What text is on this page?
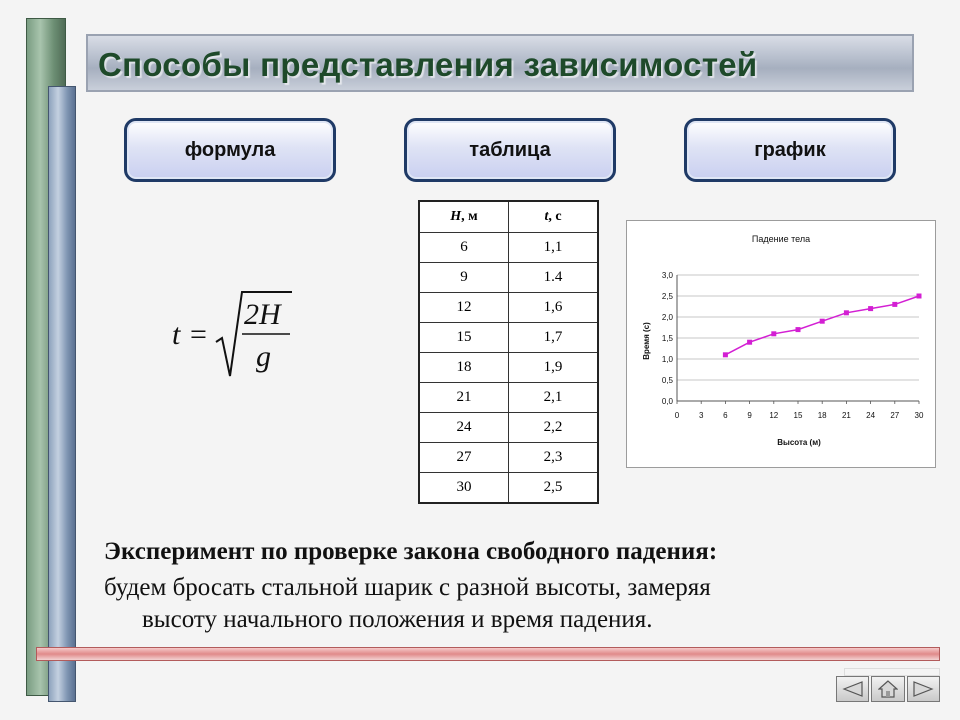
Способы представления зависимостей
формула	таблица	график
t =
2H
g
H, м	t, с
6	1,1
9	1.4
12	1,6
15	1,7
18	1,9
21	2,1
24	2,2
27	2,3
30	2,5
Падение тела
Высота (м)
Время (с)
0,0
0,5
1,0
1,5
2,0
2,5
3,0
0 3 6 9 12 15 18 21 24 27 30
Эксперимент по проверке закона свободного падения:
будем бросать стальной шарик с разной высоты, замеряя
высоту начального положения и время падения.
